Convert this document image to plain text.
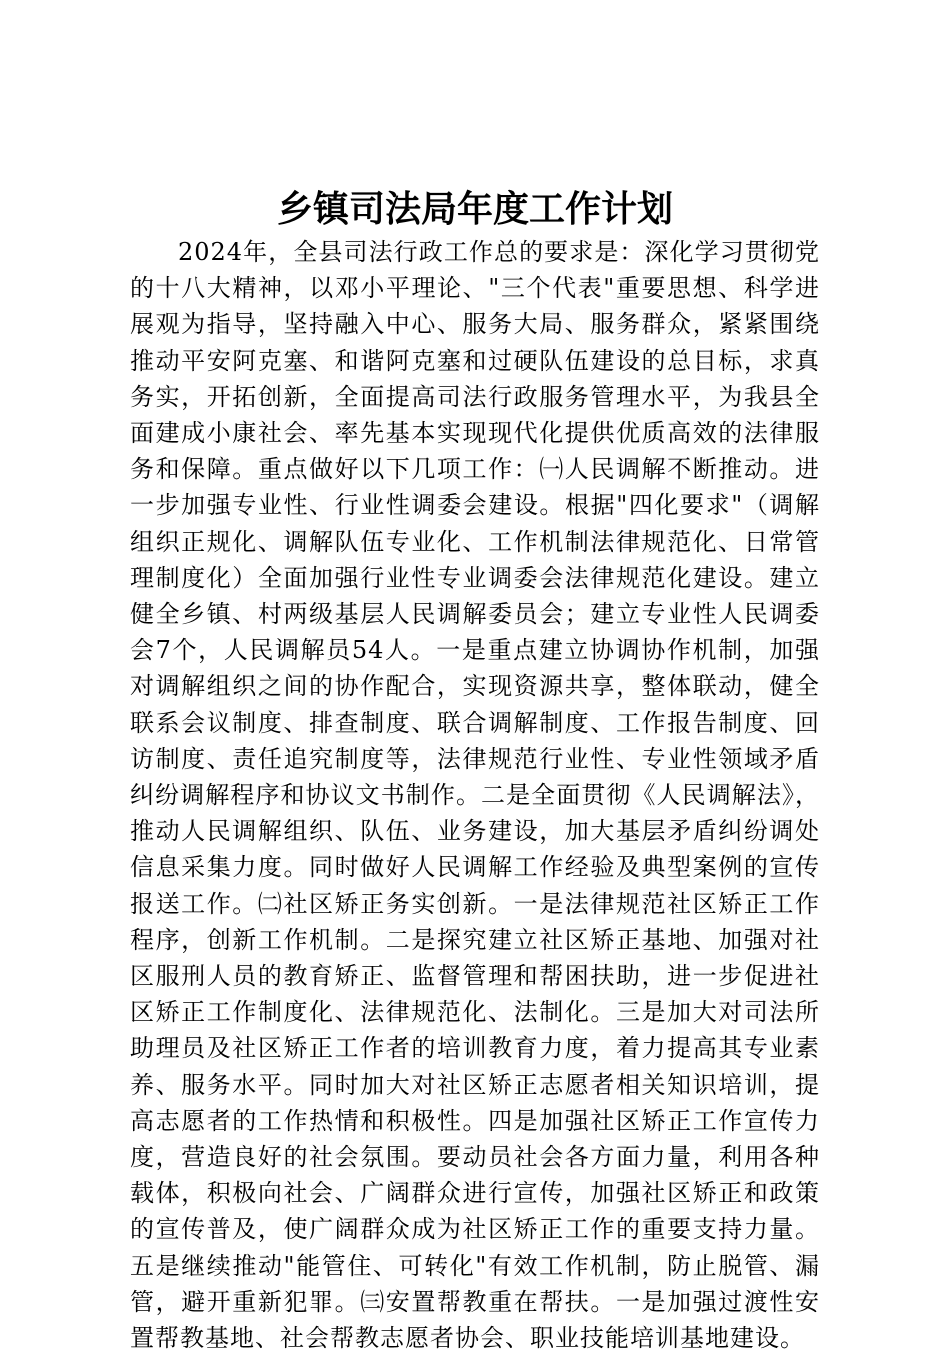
乡镇司法局年度工作计划

2024年，全县司法行政工作总的要求是：深化学习贯彻党的十八大精神，以邓小平理论、"三个代表"重要思想、科学进展观为指导，坚持融入中心、服务大局、服务群众，紧紧围绕推动平安阿克塞、和谐阿克塞和过硬队伍建设的总目标，求真务实，开拓创新，全面提高司法行政服务管理水平，为我县全面建成小康社会、率先基本实现现代化提供优质高效的法律服务和保障。重点做好以下几项工作：㈠人民调解不断推动。进一步加强专业性、行业性调委会建设。根据"四化要求"（调解组织正规化、调解队伍专业化、工作机制法律规范化、日常管理制度化）全面加强行业性专业调委会法律规范化建设。建立健全乡镇、村两级基层人民调解委员会；建立专业性人民调委会7个，人民调解员54人。一是重点建立协调协作机制，加强对调解组织之间的协作配合，实现资源共享，整体联动，健全联系会议制度、排查制度、联合调解制度、工作报告制度、回访制度、责任追究制度等，法律规范行业性、专业性领域矛盾纠纷调解程序和协议文书制作。二是全面贯彻《人民调解法》，推动人民调解组织、队伍、业务建设，加大基层矛盾纠纷调处信息采集力度。同时做好人民调解工作经验及典型案例的宣传报送工作。㈡社区矫正务实创新。一是法律规范社区矫正工作程序，创新工作机制。二是探究建立社区矫正基地、加强对社区服刑人员的教育矫正、监督管理和帮困扶助，进一步促进社区矫正工作制度化、法律规范化、法制化。三是加大对司法所助理员及社区矫正工作者的培训教育力度，着力提高其专业素养、服务水平。同时加大对社区矫正志愿者相关知识培训，提高志愿者的工作热情和积极性。四是加强社区矫正工作宣传力度，营造良好的社会氛围。要动员社会各方面力量，利用各种载体，积极向社会、广阔群众进行宣传，加强社区矫正和政策的宣传普及，使广阔群众成为社区矫正工作的重要支持力量。五是继续推动"能管住、可转化"有效工作机制，防止脱管、漏管，避开重新犯罪。㈢安置帮教重在帮扶。一是加强过渡性安置帮教基地、社会帮教志愿者协会、职业技能培训基地建设。
